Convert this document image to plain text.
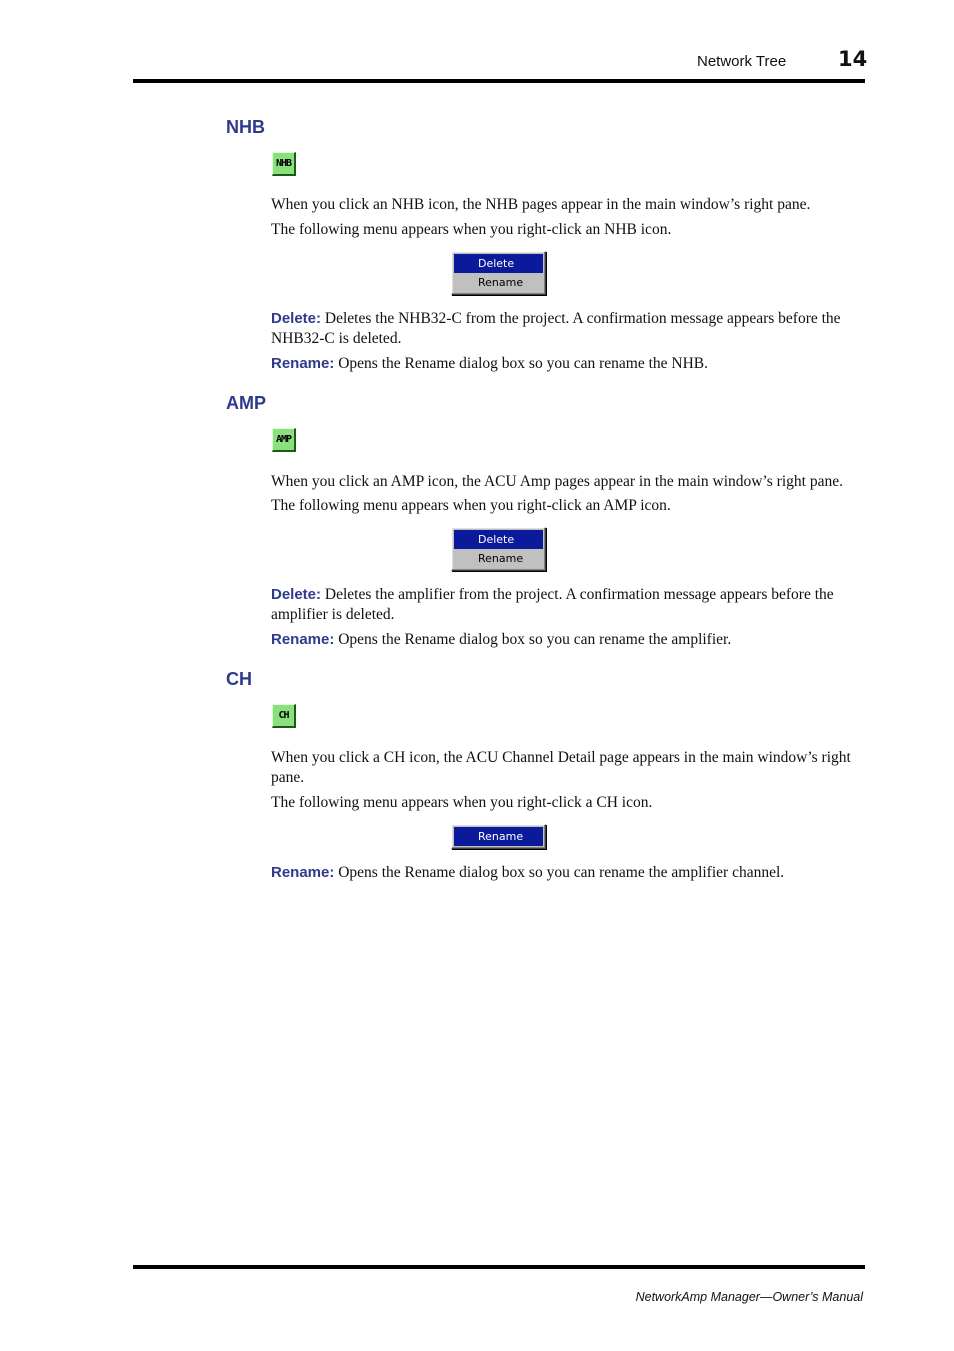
Network Tree 14
NHB
NHB
When you click an NHB icon, the NHB pages appear in the main window’s right pane.
The following menu appears when you right-click an NHB icon.
Delete
Rename
Delete: Deletes the NHB32-C from the project. A confirmation message appears before the NHB32-C is deleted.
Rename: Opens the Rename dialog box so you can rename the NHB.
AMP
AMP
When you click an AMP icon, the ACU Amp pages appear in the main window’s right pane.
The following menu appears when you right-click an AMP icon.
Delete
Rename
Delete: Deletes the amplifier from the project. A confirmation message appears before the amplifier is deleted.
Rename: Opens the Rename dialog box so you can rename the amplifier.
CH
CH
When you click a CH icon, the ACU Channel Detail page appears in the main window’s right pane.
The following menu appears when you right-click a CH icon.
Rename
Rename: Opens the Rename dialog box so you can rename the amplifier channel.
NetworkAmp Manager—Owner’s Manual
